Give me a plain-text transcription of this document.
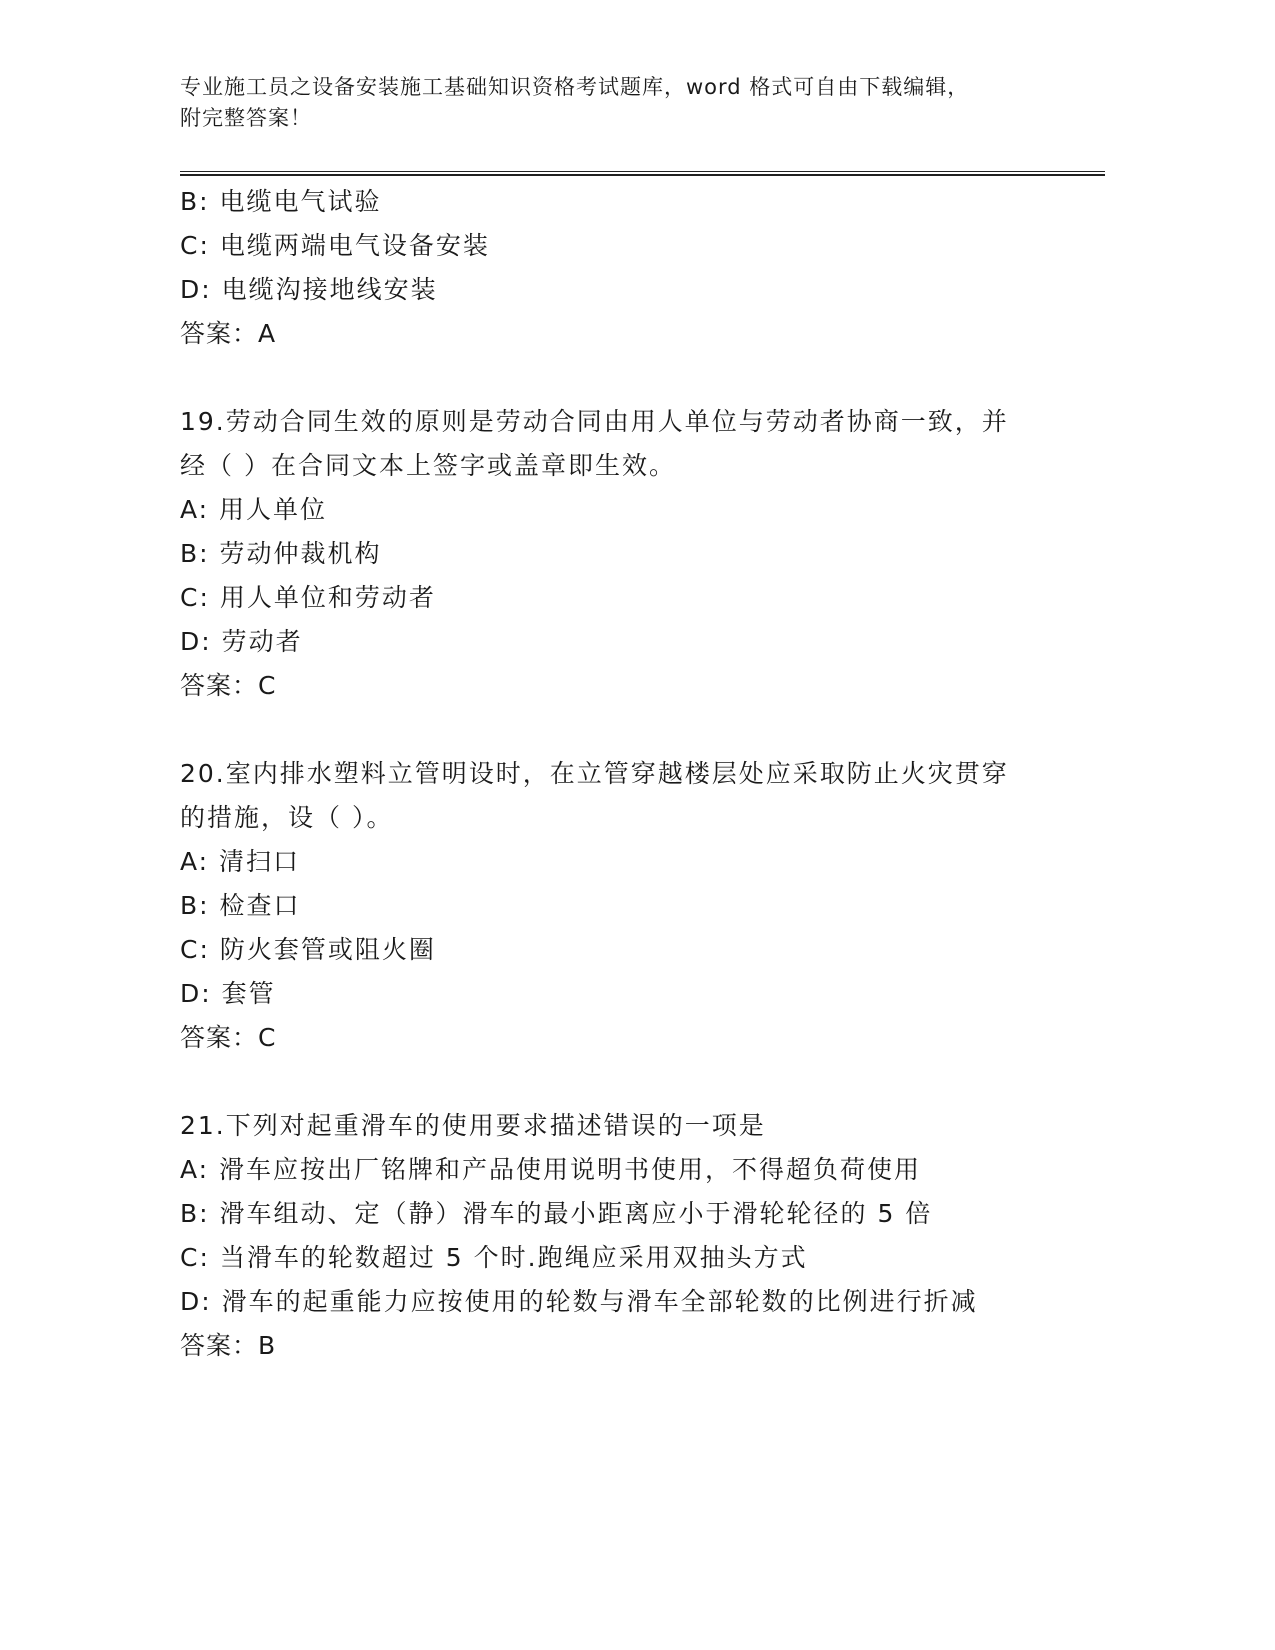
专业施工员之设备安装施工基础知识资格考试题库，word 格式可自由下载编辑，
附完整答案！
B: 电缆电气试验
C: 电缆两端电气设备安装
D: 电缆沟接地线安装
答案：A
19.劳动合同生效的原则是劳动合同由用人单位与劳动者协商一致，并
经（ ）在合同文本上签字或盖章即生效。
A: 用人单位
B: 劳动仲裁机构
C: 用人单位和劳动者
D: 劳动者
答案：C
20.室内排水塑料立管明设时，在立管穿越楼层处应采取防止火灾贯穿
的措施，设（ ）。
A: 清扫口
B: 检查口
C: 防火套管或阻火圈
D: 套管
答案：C
21.下列对起重滑车的使用要求描述错误的一项是
A: 滑车应按出厂铭牌和产品使用说明书使用，不得超负荷使用
B: 滑车组动、定（静）滑车的最小距离应小于滑轮轮径的 5 倍
C: 当滑车的轮数超过 5 个时.跑绳应采用双抽头方式
D: 滑车的起重能力应按使用的轮数与滑车全部轮数的比例进行折减
答案：B
